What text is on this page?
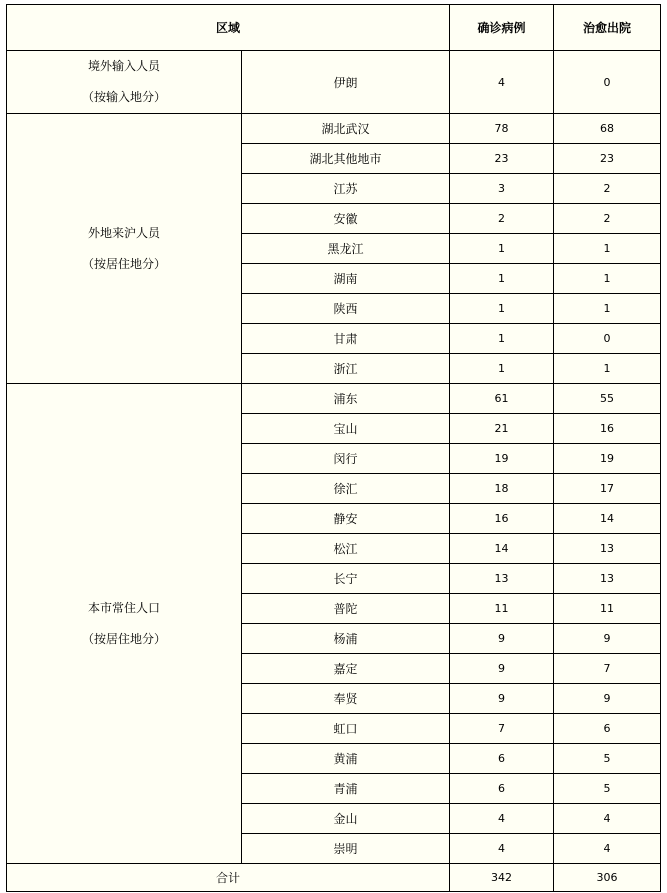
区域		确诊病例	治愈出院

境外输入人员
（按输入地分）	伊朗	4	0

外地来沪人员
（按居住地分）	湖北武汉	78	68
	湖北其他地市	23	23
	江苏	3	2
	安徽	2	2
	黑龙江	1	1
	湖南	1	1
	陕西	1	1
	甘肃	1	0
	浙江	1	1

本市常住人口
（按居住地分）	浦东	61	55
	宝山	21	16
	闵行	19	19
	徐汇	18	17
	静安	16	14
	松江	14	13
	长宁	13	13
	普陀	11	11
	杨浦	9	9
	嘉定	9	7
	奉贤	9	9
	虹口	7	6
	黄浦	6	5
	青浦	6	5
	金山	4	4
	崇明	4	4
合计		342	306
